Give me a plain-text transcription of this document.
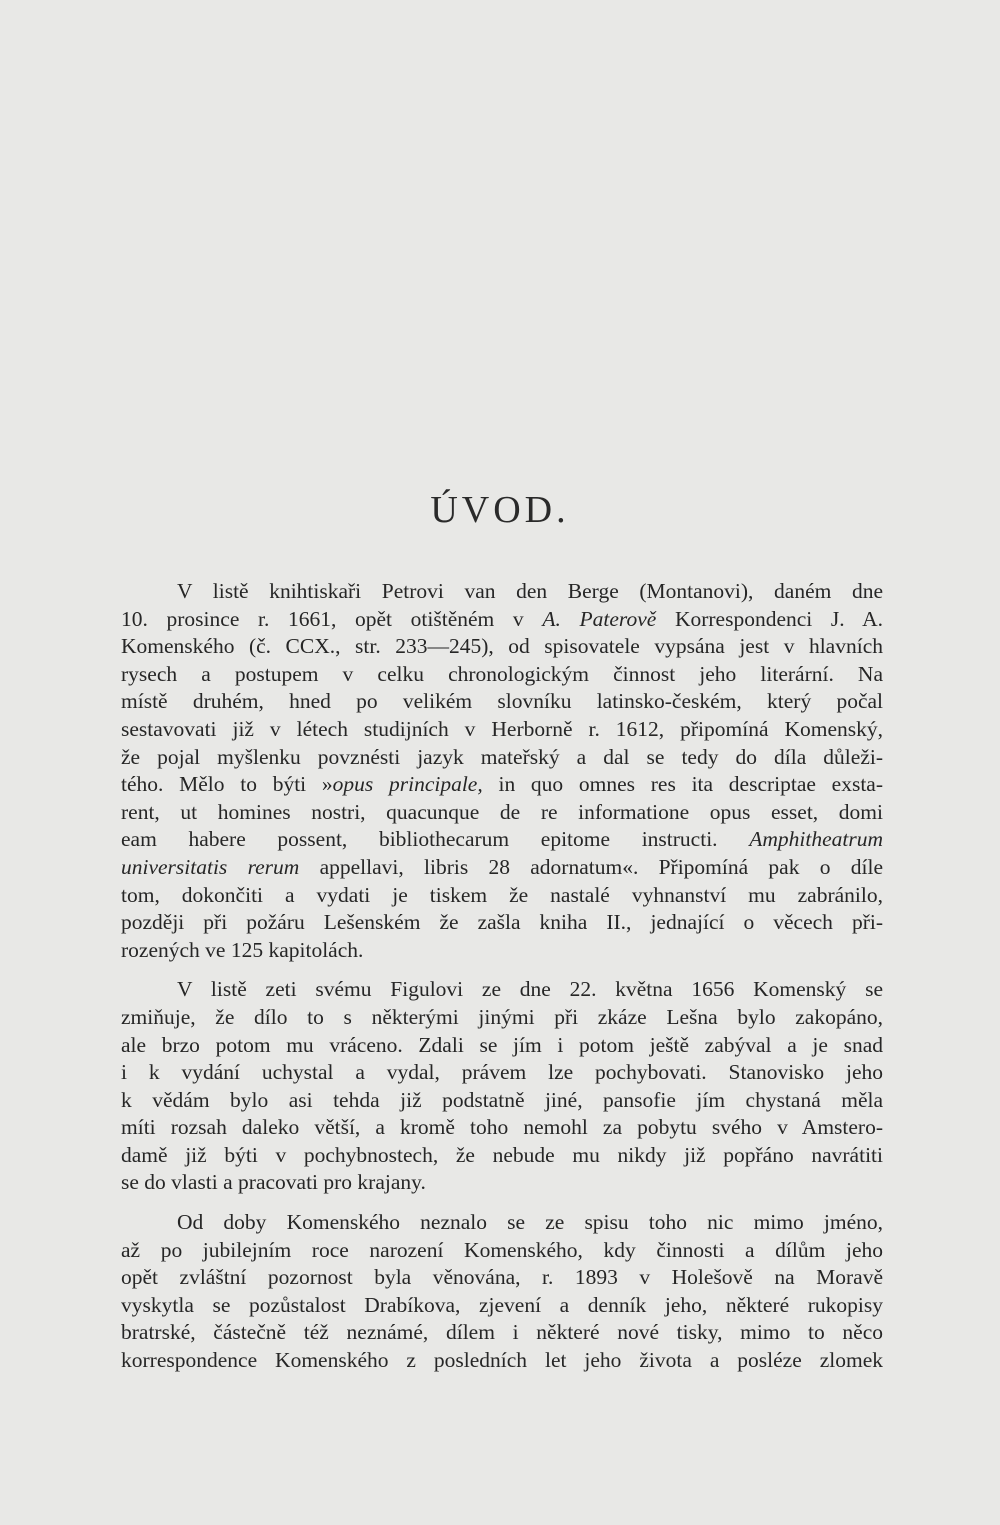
ÚVOD.
V listě knihtiskaři Petrovi van den Berge (Montanovi), daném dne
10. prosince r. 1661, opět otištěném v A. Paterově Korrespondenci J. A.
Komenského (č. CCX., str. 233—245), od spisovatele vypsána jest v hlavních
rysech a postupem v celku chronologickým činnost jeho literární. Na
místě druhém, hned po velikém slovníku latinsko-českém, který počal
sestavovati již v létech studijních v Herborně r. 1612, připomíná Komenský,
že pojal myšlenku povznésti jazyk mateřský a dal se tedy do díla důleži-
tého. Mělo to býti »opus principale, in quo omnes res ita descriptae exsta-
rent, ut homines nostri, quacunque de re informatione opus esset, domi
eam habere possent, bibliothecarum epitome instructi. Amphitheatrum
universitatis rerum appellavi, libris 28 adornatum«. Připomíná pak o díle
tom, dokončiti a vydati je tiskem že nastalé vyhnanství mu zabránilo,
později při požáru Lešenském že zašla kniha II., jednající o věcech při-
rozených ve 125 kapitolách.
V listě zeti svému Figulovi ze dne 22. května 1656 Komenský se
zmiňuje, že dílo to s některými jinými při zkáze Lešna bylo zakopáno,
ale brzo potom mu vráceno. Zdali se jím i potom ještě zabýval a je snad
i k vydání uchystal a vydal, právem lze pochybovati. Stanovisko jeho
k vědám bylo asi tehda již podstatně jiné, pansofie jím chystaná měla
míti rozsah daleko větší, a kromě toho nemohl za pobytu svého v Amstero-
damě již býti v pochybnostech, že nebude mu nikdy již popřáno navrátiti
se do vlasti a pracovati pro krajany.
Od doby Komenského neznalo se ze spisu toho nic mimo jméno,
až po jubilejním roce narození Komenského, kdy činnosti a dílům jeho
opět zvláštní pozornost byla věnována, r. 1893 v Holešově na Moravě
vyskytla se pozůstalost Drabíkova, zjevení a denník jeho, některé rukopisy
bratrské, částečně též neznámé, dílem i některé nové tisky, mimo to něco
korrespondence Komenského z posledních let jeho života a posléze zlomek
